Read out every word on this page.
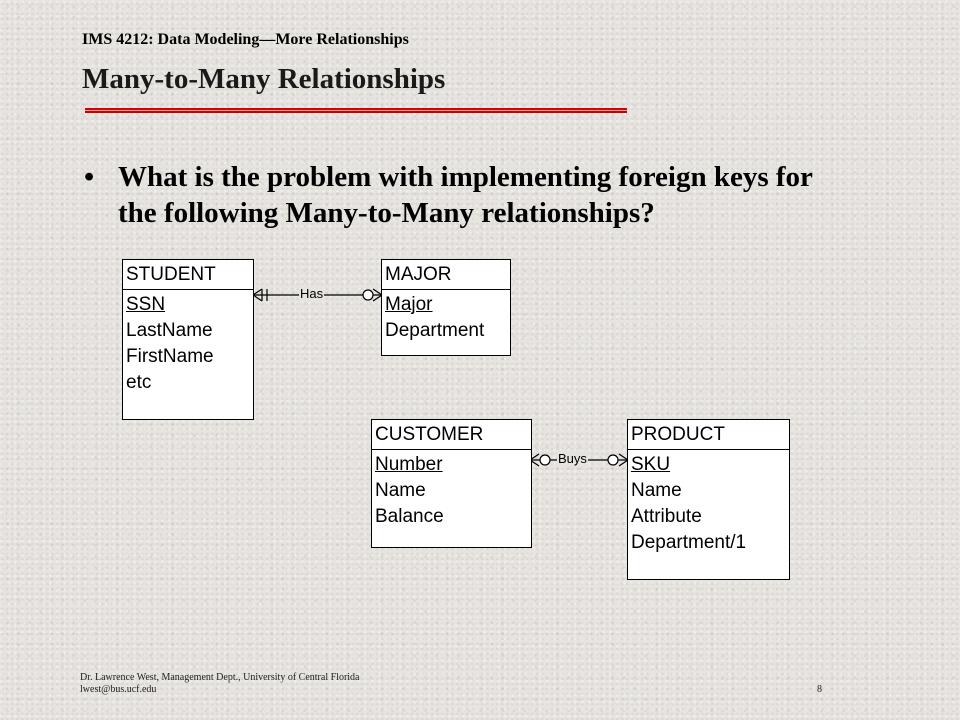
IMS 4212: Data Modeling—More Relationships
Many-to-Many Relationships
• What is the problem with implementing foreign keys for the following Many-to-Many relationships?
Has
Buys
STUDENT
SSN
LastName
FirstName
etc
MAJOR
Major
Department
CUSTOMER
Number
Name
Balance
PRODUCT
SKU
Name
Attribute
Department/1
Dr. Lawrence West, Management Dept., University of Central Florida
lwest@bus.ucf.edu	8
